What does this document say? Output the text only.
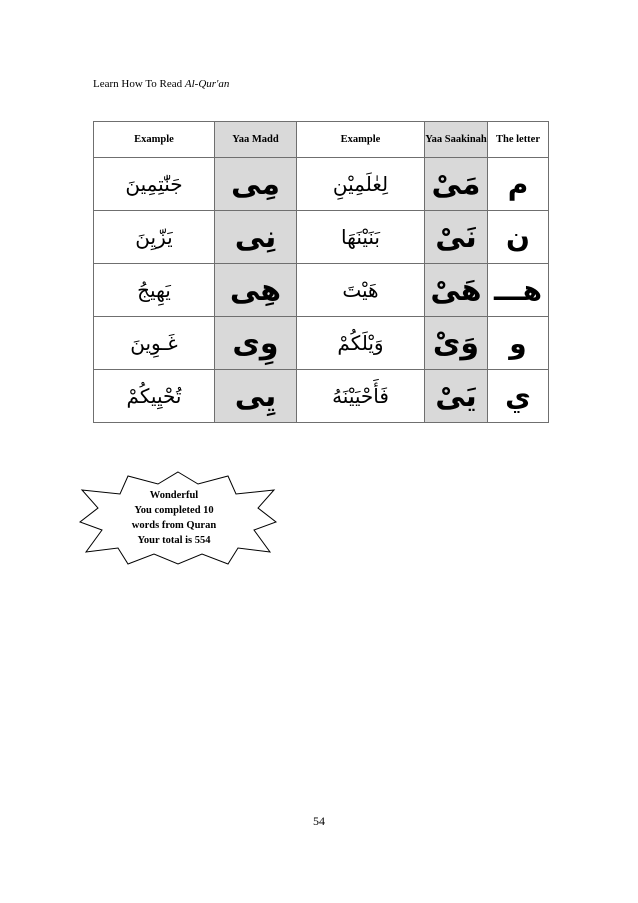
Learn How To Read Al-Qur'an
Example	Yaa Madd	Example	Yaa Saakinah	The letter
جَنّٰتِمِينَ	مِى	لِعٰلَمِيْنِ	مَىْ	م
يَزّيِنَ	نِى	بَنَيْنَهَا	نَىْ	ن
يَهِيجُ	هِى	هَيْتَ	هَىْ	هـــ
غَـوِينَ	وِى	وَيْلَكُمْ	وَىْ	و
تُحْيِيكُمْ	يِى	فَأَحْيَيْنَهُ	يَىْ	ي
Wonderful
You completed 10
words from Quran
Your total is 554
54
